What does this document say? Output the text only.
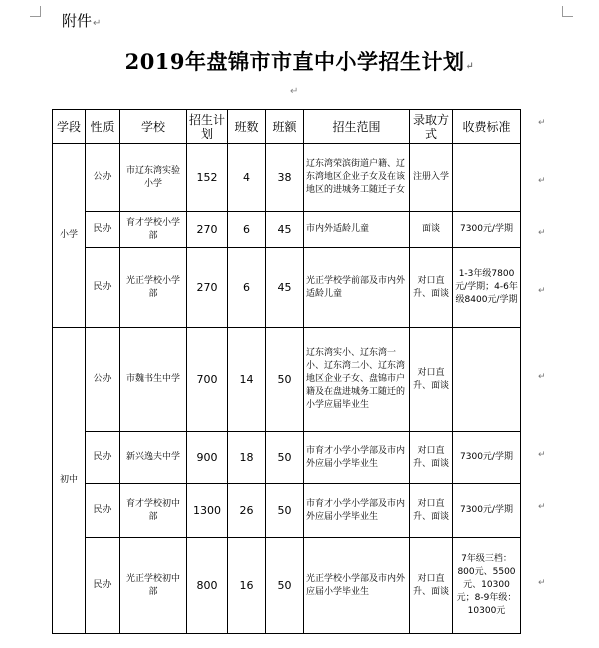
附件↵
2019年盘锦市市直中小学招生计划↵
↵
学段	性质	学校	招生计划	班数	班额	招生范围	录取方式	收费标准
小学	公办	市辽东湾实验小学	152	4	38	辽东湾荣滨街道户籍、辽东湾地区企业子女及在该地区的进城务工随迁子女	注册入学	
	民办	育才学校小学部	270	6	45	市内外适龄儿童	面谈	7300元/学期
	民办	光正学校小学部	270	6	45	光正学校学前部及市内外适龄儿童	对口直升、面谈	1-3年级7800元/学期；4-6年级8400元/学期
初中	公办	市魏书生中学	700	14	50	辽东湾实小、辽东湾一小、辽东湾二小、辽东湾地区企业子女、盘锦市户籍及在盘进城务工随迁的小学应届毕业生	对口直升、面谈	
	民办	新兴逸夫中学	900	18	50	市育才小学小学部及市内外应届小学毕业生	对口直升、面谈	7300元/学期
	民办	育才学校初中部	1300	26	50	市育才小学小学部及市内外应届小学毕业生	对口直升、面谈	7300元/学期
	民办	光正学校初中部	800	16	50	光正学校小学部及市内外应届小学毕业生	对口直升、面谈	7年级三档：800元、5500元、10300元；8-9年级：10300元
↵
↵
↵
↵
↵
↵
↵
↵
